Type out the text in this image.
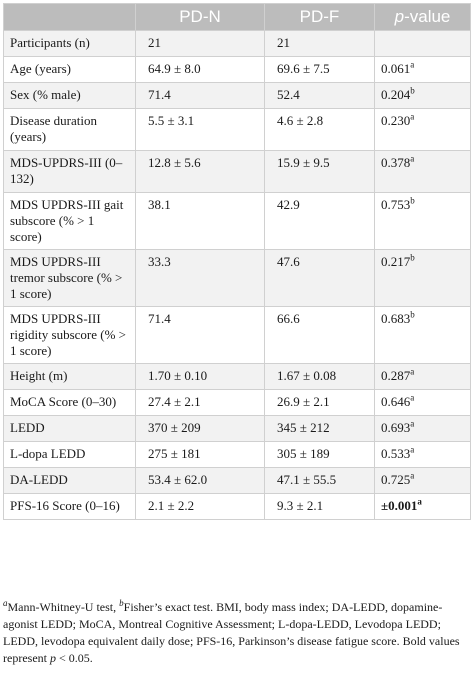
	PD-N	PD-F	p-value
Participants (n)	21	21	
Age (years)	64.9 ± 8.0	69.6 ± 7.5	0.061$^a$
Sex (% male)	71.4	52.4	0.204$^b$
Disease duration (years)	5.5 ± 3.1	4.6 ± 2.8	0.230$^a$
MDS-UPDRS-III (0–132)	12.8 ± 5.6	15.9 ± 9.5	0.378$^a$
MDS UPDRS-III gait subscore (% > 1 score)	38.1	42.9	0.753$^b$
MDS UPDRS-III tremor subscore (% > 1 score)	33.3	47.6	0.217$^b$
MDS UPDRS-III rigidity subscore (% > 1 score)	71.4	66.6	0.683$^b$
Height (m)	1.70 ± 0.10	1.67 ± 0.08	0.287$^a$
MoCA Score (0–30)	27.4 ± 2.1	26.9 ± 2.1	0.646$^a$
LEDD	370 ± 209	345 ± 212	0.693$^a$
L-dopa LEDD	275 ± 181	305 ± 189	0.533$^a$
DA-LEDD	53.4 ± 62.0	47.1 ± 55.5	0.725$^a$
PFS-16 Score (0–16)	2.1 ± 2.2	9.3 ± 2.1	±0.001$^a$
$^a$Mann-Whitney-U test, $^b$Fisher’s exact test. BMI, body mass index; DA-LEDD, dopamine-agonist LEDD; MoCA, Montreal Cognitive Assessment; L-dopa-LEDD, Levodopa LEDD; LEDD, levodopa equivalent daily dose; PFS-16, Parkinson’s disease fatigue score. Bold values represent p < 0.05.
